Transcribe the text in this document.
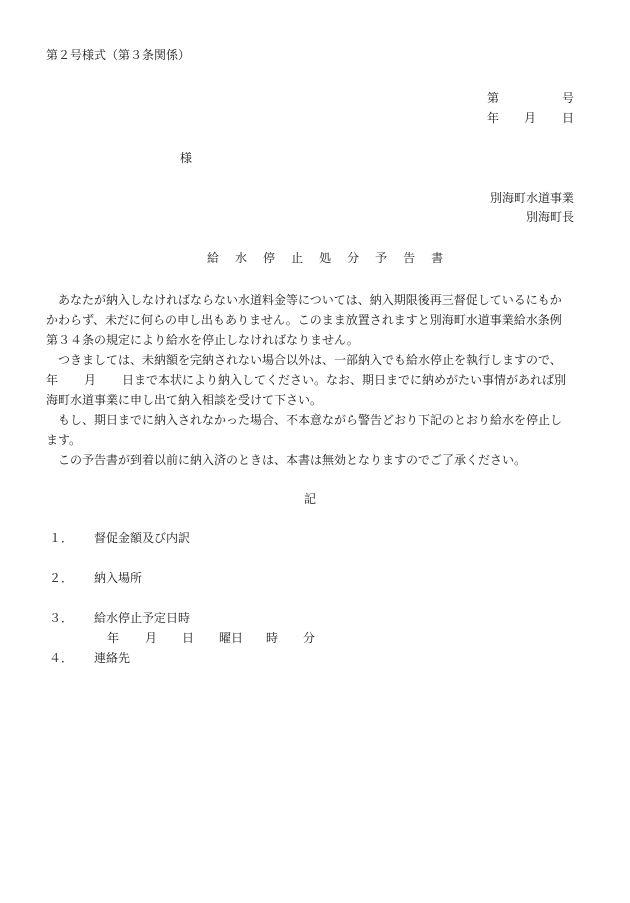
第２号様式（第３条関係）
第	号
年 月 日
様
別海町水道事業
別海町長
給 水 停 止 処 分 予 告 書
あなたが納入しなければならない水道料金等については、納入期限後再三督促しているにもか
かわらず、未だに何らの申し出もありません。このまま放置されますと別海町水道事業給水条例
第３４条の規定により給水を停止しなければなりません。
つきましては、未納額を完納されない場合以外は、一部納入でも給水停止を執行しますので、
年 月 日まで本状により納入してください。なお、期日までに納めがたい事情があれば別
海町水道事業に申し出て納入相談を受けて下さい。
もし、期日までに納入されなかった場合、不本意ながら警告どおり下記のとおり給水を停止し
ます。
この予告書が到着以前に納入済のときは、本書は無効となりますのでご了承ください。
記
１． 督促金額及び内訳
２． 納入場所
３． 給水停止予定日時
年 月 日 曜日 時 分
４． 連絡先
